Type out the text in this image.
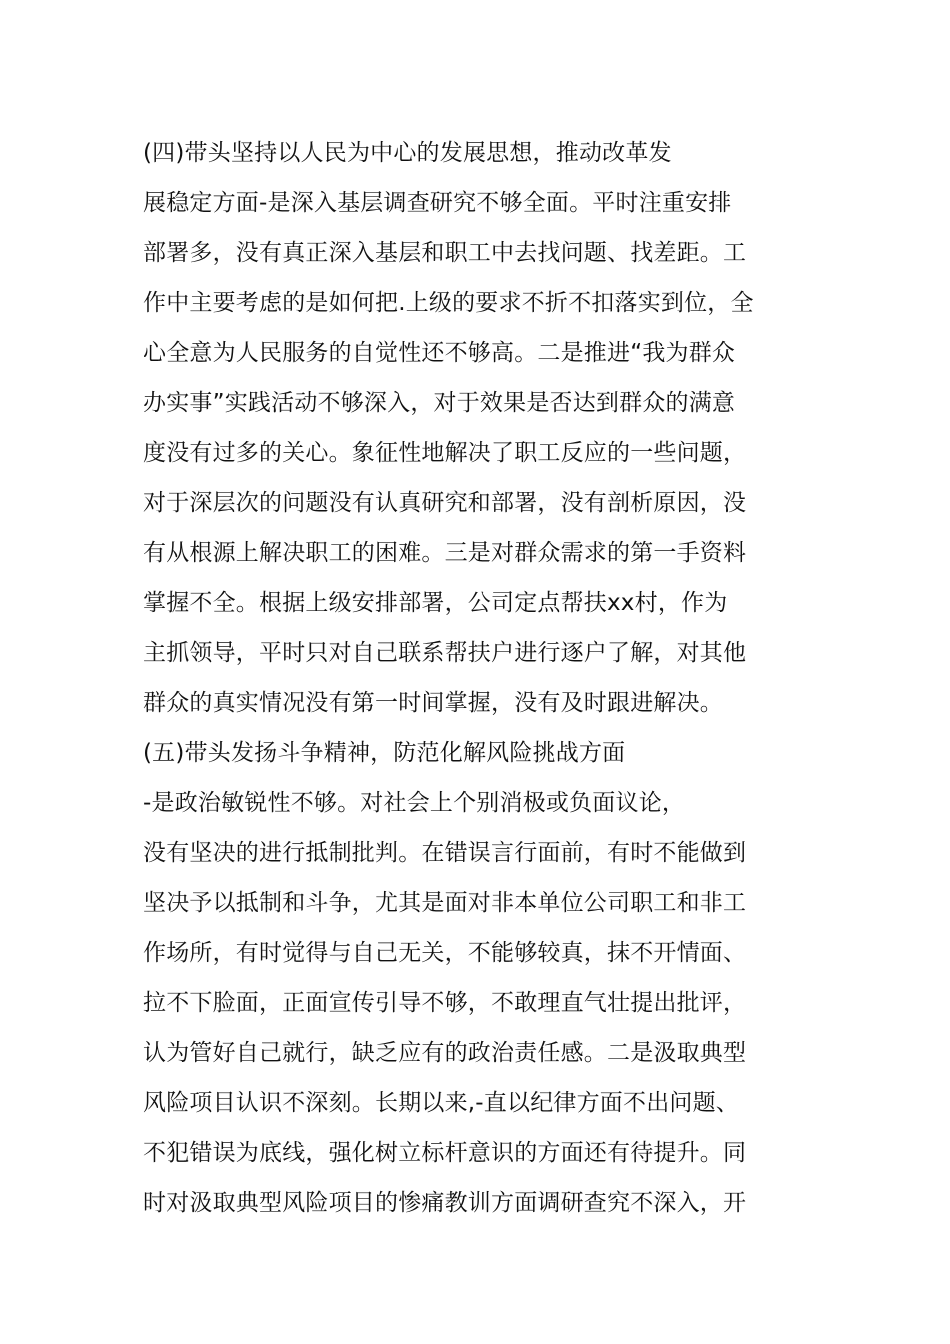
(四)带头坚持以人民为中心的发展思想，推动改革发
展稳定方面-是深入基层调查研究不够全面。平时注重安排
部署多，没有真正深入基层和职工中去找问题、找差距。工
作中主要考虑的是如何把.上级的要求不折不扣落实到位，全
心全意为人民服务的自觉性还不够高。二是推进“我为群众
办实事”实践活动不够深入，对于效果是否达到群众的满意
度没有过多的关心。象征性地解决了职工反应的一些问题，
对于深层次的问题没有认真研究和部署，没有剖析原因，没
有从根源上解决职工的困难。三是对群众需求的第一手资料
掌握不全。根据上级安排部署，公司定点帮扶xx村，作为
主抓领导，平时只对自己联系帮扶户进行逐户了解，对其他
群众的真实情况没有第一时间掌握，没有及时跟进解决。
(五)带头发扬斗争精神，防范化解风险挑战方面
-是政治敏锐性不够。对社会上个别消极或负面议论，
没有坚决的进行抵制批判。在错误言行面前，有时不能做到
坚决予以抵制和斗争，尤其是面对非本单位公司职工和非工
作场所，有时觉得与自己无关，不能够较真，抹不开情面、
拉不下脸面，正面宣传引导不够，不敢理直气壮提出批评，
认为管好自己就行，缺乏应有的政治责任感。二是汲取典型
风险项目认识不深刻。长期以来,-直以纪律方面不出问题、
不犯错误为底线，强化树立标杆意识的方面还有待提升。同
时对汲取典型风险项目的惨痛教训方面调研查究不深入，开
